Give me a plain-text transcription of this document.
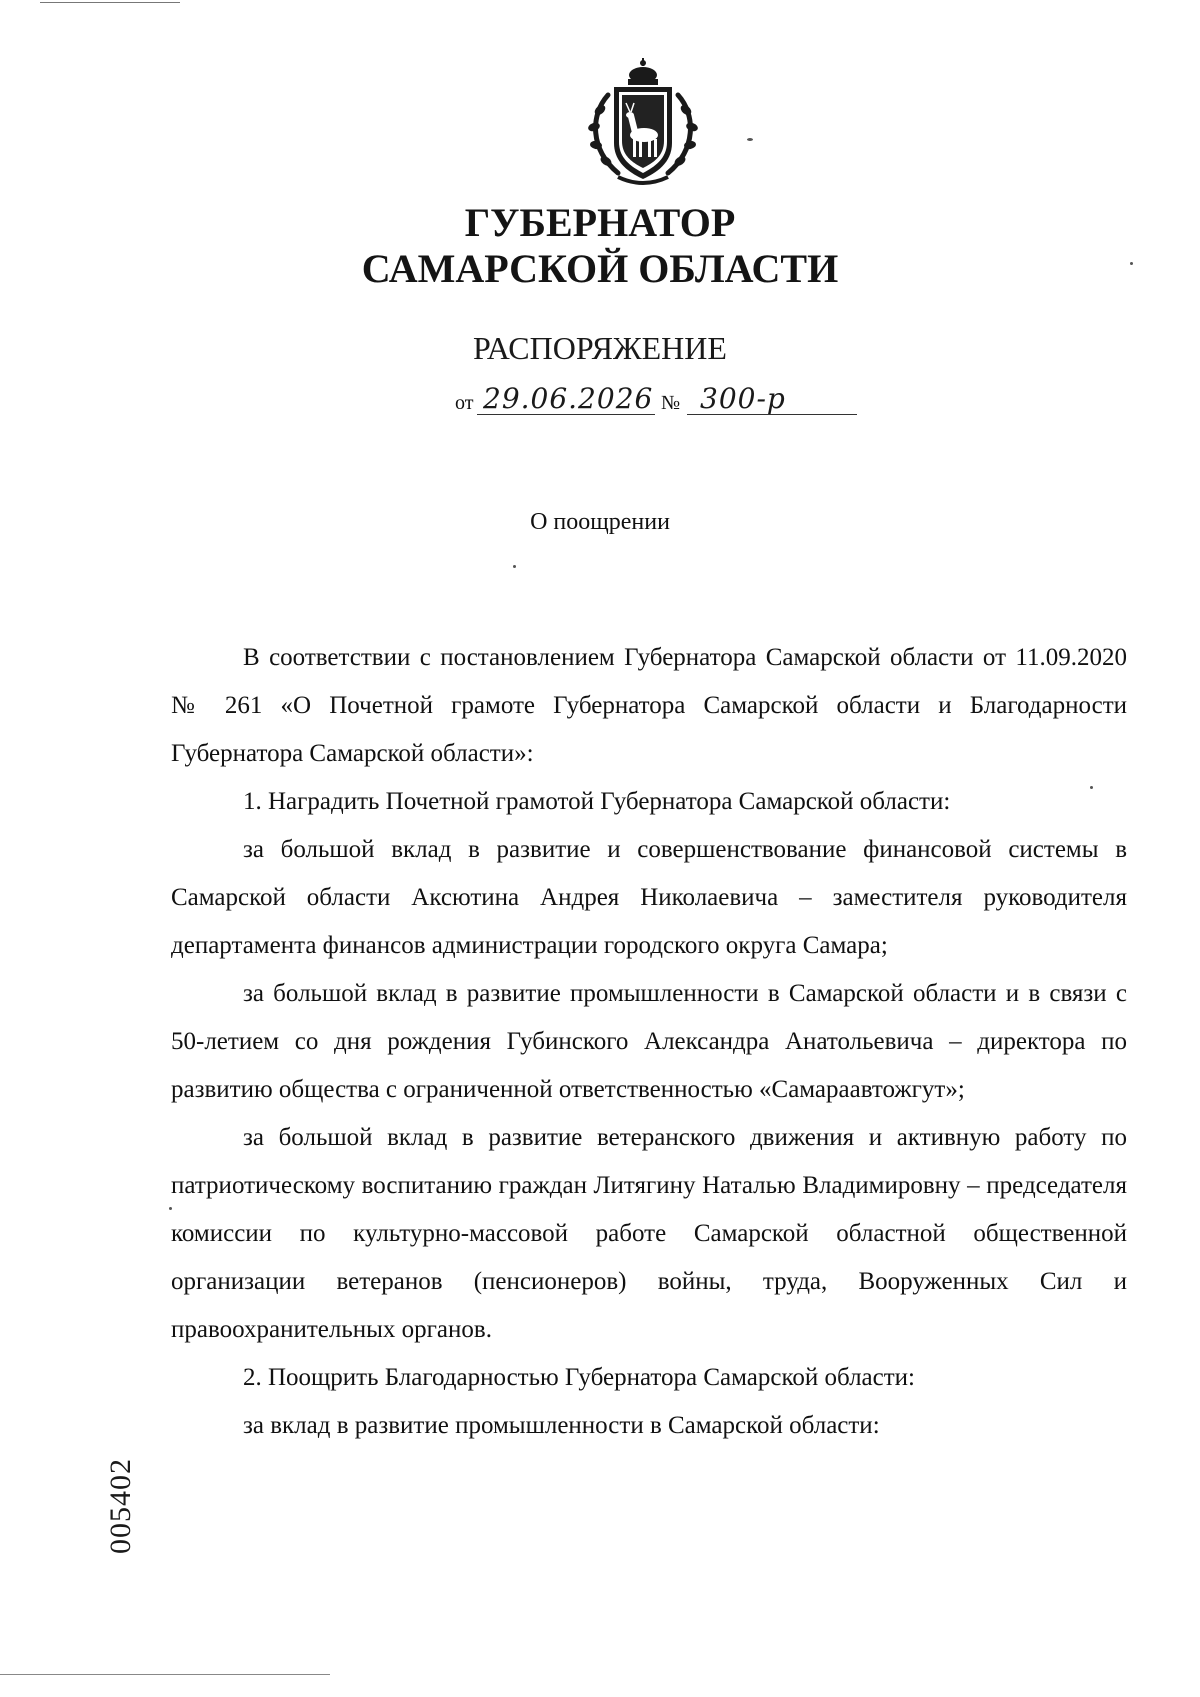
ГУБЕРНАТОР
САМАРСКОЙ ОБЛАСТИ
РАСПОРЯЖЕНИЕ
от 29.06.2026 № 300-р
О поощрении

В соответствии с постановлением Губернатора Самарской области от 11.09.2020 № 261 «О Почетной грамоте Губернатора Самарской области и Благодарности Губернатора Самарской области»:

1. Наградить Почетной грамотой Губернатора Самарской области:

за большой вклад в развитие и совершенствование финансовой системы в Самарской области Аксютина Андрея Николаевича – заместителя руководителя департамента финансов администрации городского округа Самара;

за большой вклад в развитие промышленности в Самарской области и в связи с 50-летием со дня рождения Губинского Александра Анатольевича – директора по развитию общества с ограниченной ответственностью «Самараавтожгут»;

за большой вклад в развитие ветеранского движения и активную работу по патриотическому воспитанию граждан Литягину Наталью Владимировну – председателя комиссии по культурно-массовой работе Самарской областной общественной организации ветеранов (пенсионеров) войны, труда, Вооруженных Сил и правоохранительных органов.

2. Поощрить Благодарностью Губернатора Самарской области:

за вклад в развитие промышленности в Самарской области:

005402
